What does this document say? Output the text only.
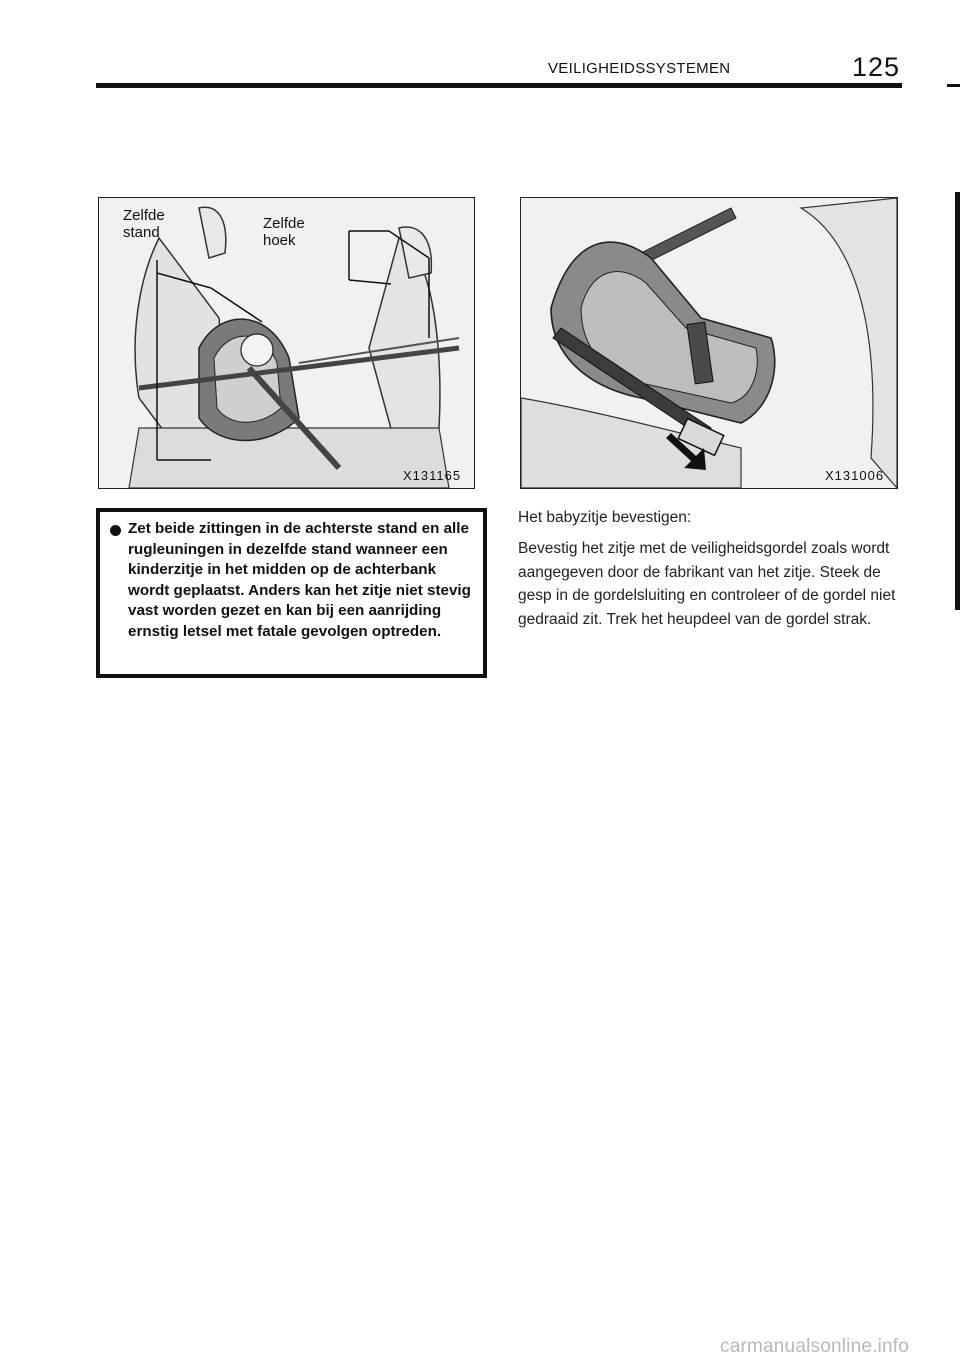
VEILIGHEIDSSYSTEMEN	125
Zelfde
stand
Zelfde
hoek
X131165	X131006
Zet beide zittingen in de achterste stand en alle rugleuningen in dezelfde stand wanneer een kinderzitje in het midden op de achterbank wordt geplaatst. Anders kan het zitje niet stevig vast worden gezet en kan bij een aanrijding ernstig letsel met fatale gevolgen optreden.
Het babyzitje bevestigen:
Bevestig het zitje met de veiligheidsgordel zoals wordt aangegeven door de fabrikant van het zitje. Steek de gesp in de gordelsluiting en controleer of de gordel niet gedraaid zit. Trek het heupdeel van de gordel strak.
carmanualsonline.info
